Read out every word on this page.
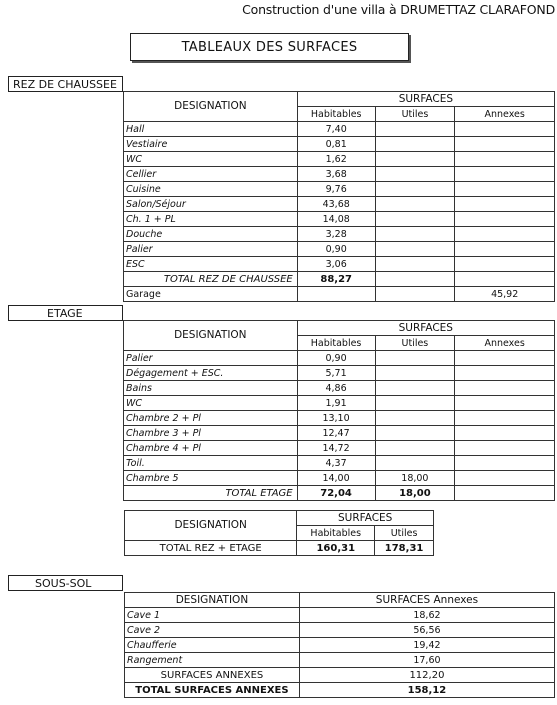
Construction d'une villa à DRUMETTAZ CLARAFOND
TABLEAUX DES SURFACES
REZ DE CHAUSSEE
DESIGNATION	SURFACES		
	Habitables	Utiles	Annexes
Hall	7,40		
Vestiaire	0,81		
WC	1,62		
Cellier	3,68		
Cuisine	9,76		
Salon/Séjour	43,68		
Ch. 1 + PL	14,08		
Douche	3,28		
Palier	0,90		
ESC	3,06		
TOTAL REZ DE CHAUSSEE	88,27		
Garage			45,92
ETAGE
DESIGNATION	SURFACES		
	Habitables	Utiles	Annexes
Palier	0,90		
Dégagement + ESC.	5,71		
Bains	4,86		
WC	1,91		
Chambre 2 + Pl	13,10		
Chambre 3 + Pl	12,47		
Chambre 4 + Pl	14,72		
Toil.	4,37		
Chambre 5	14,00	18,00	
TOTAL ETAGE	72,04	18,00	
DESIGNATION	SURFACES	
	Habitables	Utiles
TOTAL REZ + ETAGE	160,31	178,31
SOUS-SOL
DESIGNATION	SURFACES Annexes
Cave 1	18,62
Cave 2	56,56
Chaufferie	19,42
Rangement	17,60
SURFACES ANNEXES	112,20
TOTAL SURFACES ANNEXES	158,12
